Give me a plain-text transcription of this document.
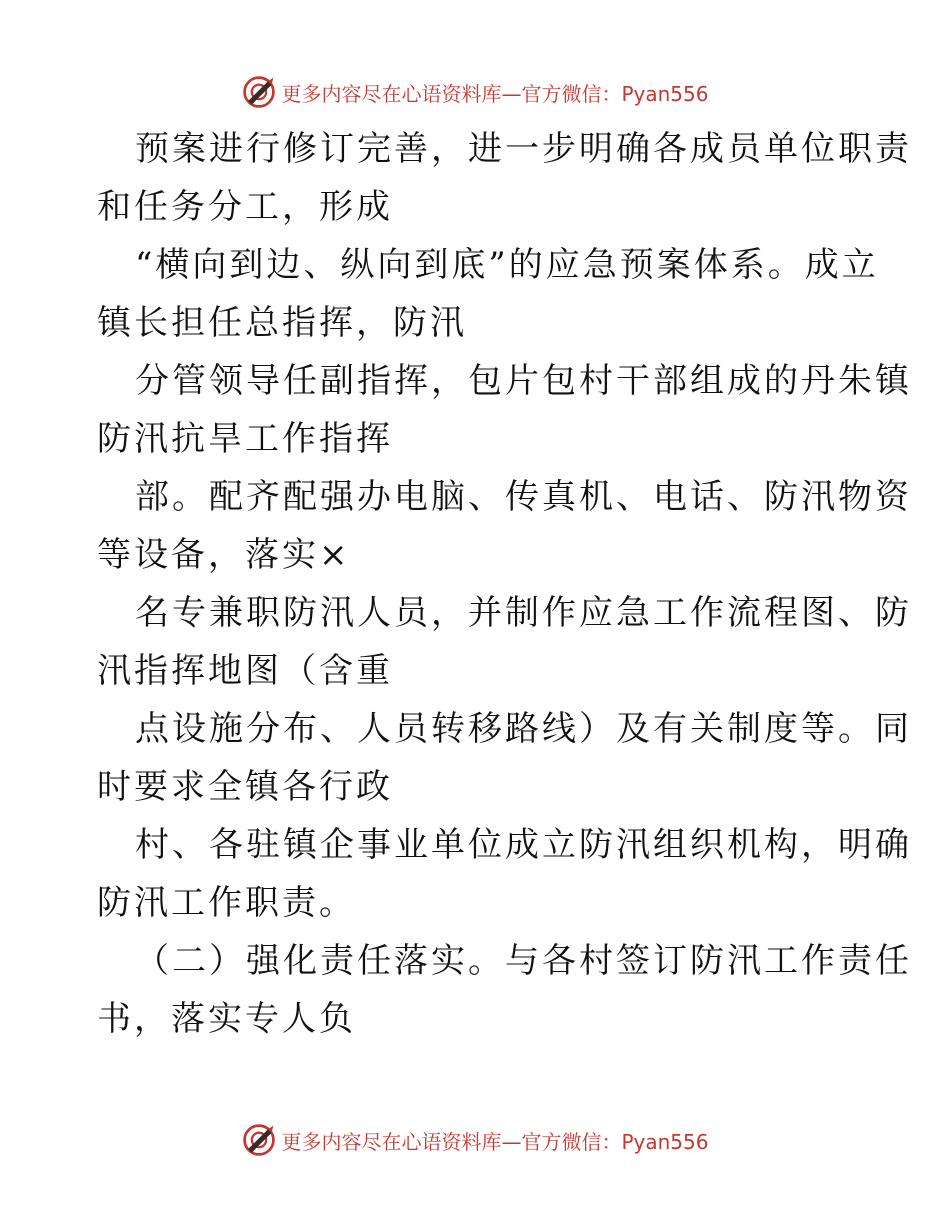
更多内容尽在心语资料库—官方微信：Pyan556
预案进行修订完善，进一步明确各成员单位职责
和任务分工，形成
“横向到边、纵向到底”的应急预案体系。成立
镇长担任总指挥，防汛
分管领导任副指挥，包片包村干部组成的丹朱镇
防汛抗旱工作指挥
部。配齐配强办电脑、传真机、电话、防汛物资
等设备，落实×
名专兼职防汛人员，并制作应急工作流程图、防
汛指挥地图（含重
点设施分布、人员转移路线）及有关制度等。同
时要求全镇各行政
村、各驻镇企事业单位成立防汛组织机构，明确
防汛工作职责。
（二）强化责任落实。与各村签订防汛工作责任
书，落实专人负
更多内容尽在心语资料库—官方微信：Pyan556
